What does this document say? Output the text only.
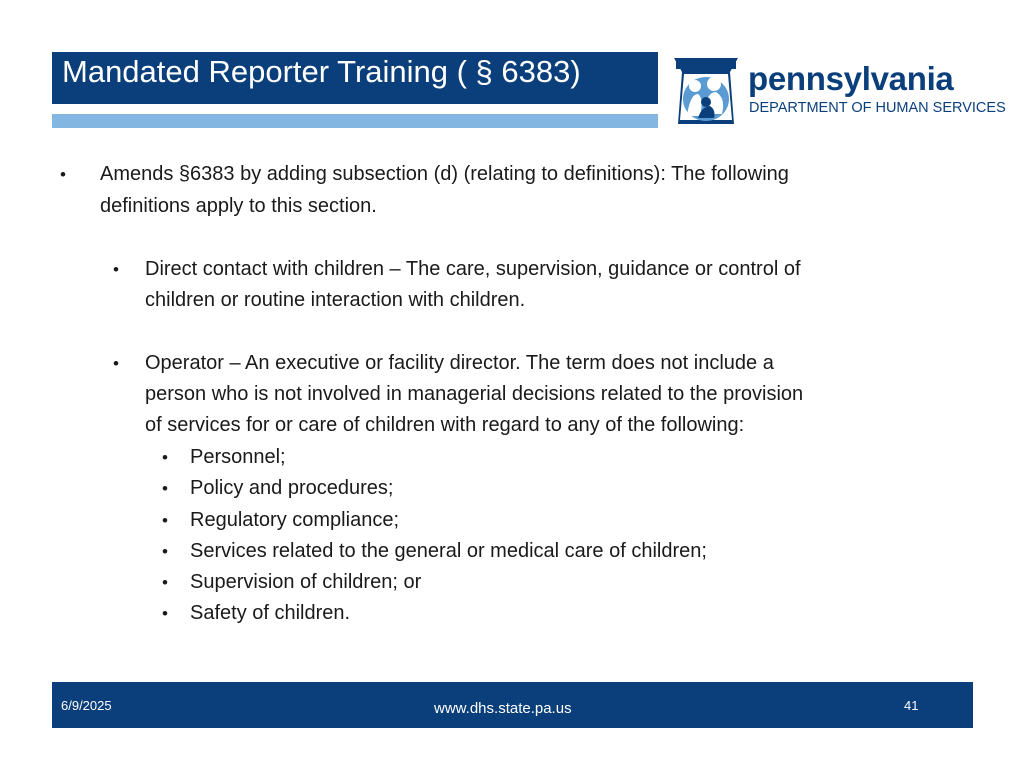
Mandated Reporter Training ( § 6383)	pennsylvania
DEPARTMENT OF HUMAN SERVICES
• Amends §6383 by adding subsection (d) (relating to definitions): The following
definitions apply to this section.
• Direct contact with children – The care, supervision, guidance or control of
children or routine interaction with children.
• Operator – An executive or facility director. The term does not include a
person who is not involved in managerial decisions related to the provision
of services for or care of children with regard to any of the following:
• Personnel;
• Policy and procedures;
• Regulatory compliance;
• Services related to the general or medical care of children;
• Supervision of children; or
• Safety of children.
6/9/2025	www.dhs.state.pa.us	41
